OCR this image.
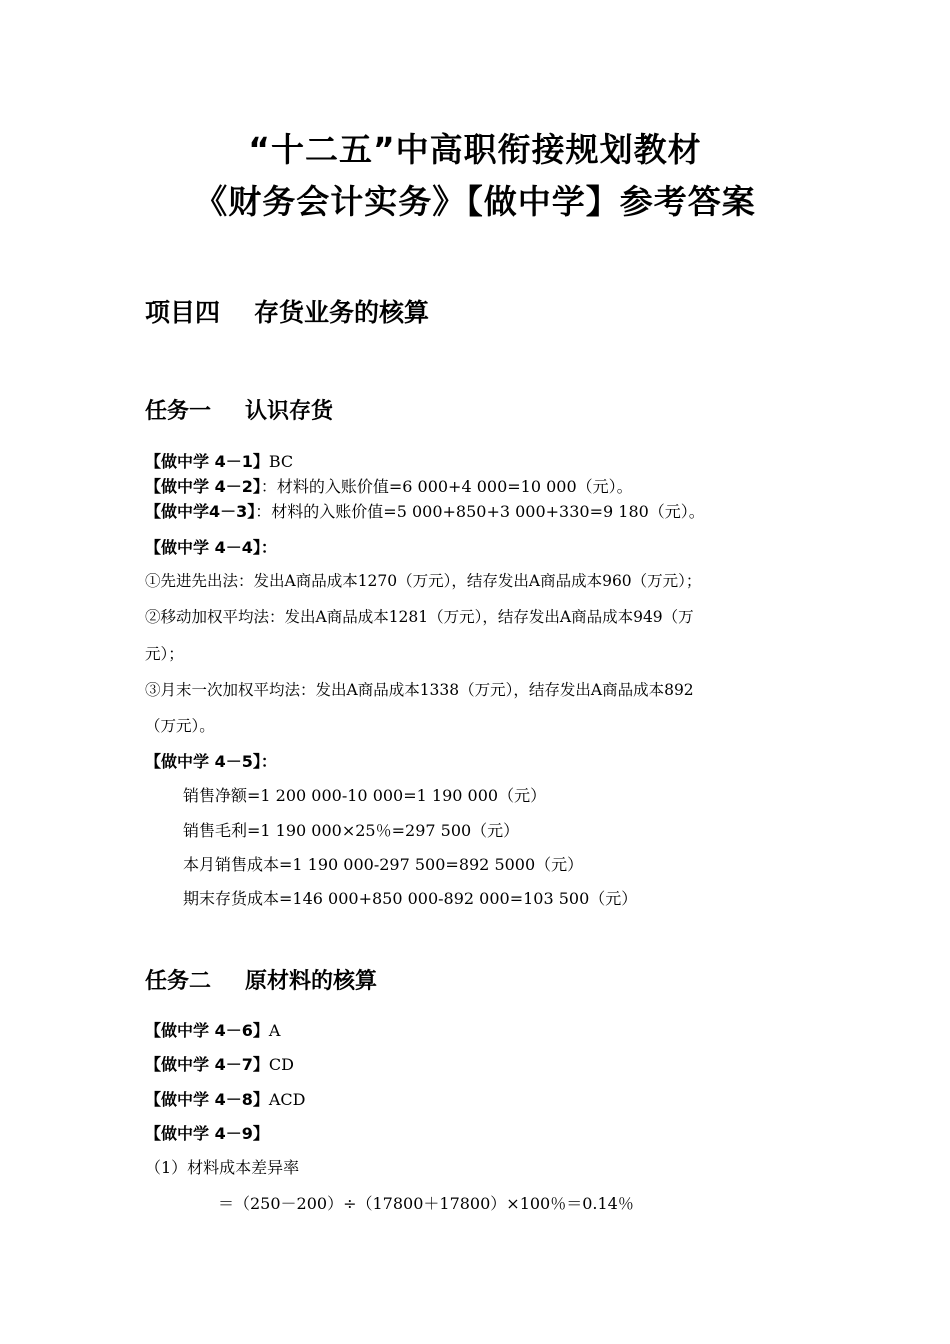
“十二五”中高职衔接规划教材
《财务会计实务》【做中学】参考答案
项目四 存货业务的核算
任务一 认识存货
【做中学 4－1】BC
【做中学 4－2】：材料的入账价值=6 000+4 000=10 000（元）。
【做中学4－3】：材料的入账价值=5 000+850+3 000+330=9 180（元）。
【做中学 4－4】：
①先进先出法：发出A商品成本1270（万元），结存发出A商品成本960（万元）；
②移动加权平均法：发出A商品成本1281（万元），结存发出A商品成本949（万
元）；
③月末一次加权平均法：发出A商品成本1338（万元），结存发出A商品成本892
（万元）。
【做中学 4－5】：
销售净额=1 200 000-10 000=1 190 000（元）
销售毛利=1 190 000×25％=297 500（元）
本月销售成本=1 190 000-297 500=892 5000（元）
期末存货成本=146 000+850 000-892 000=103 500（元）
任务二 原材料的核算
【做中学 4－6】A
【做中学 4－7】CD
【做中学 4－8】ACD
【做中学 4－9】
（1）材料成本差异率
＝（250－200）÷（17800＋17800）×100％＝0.14％
